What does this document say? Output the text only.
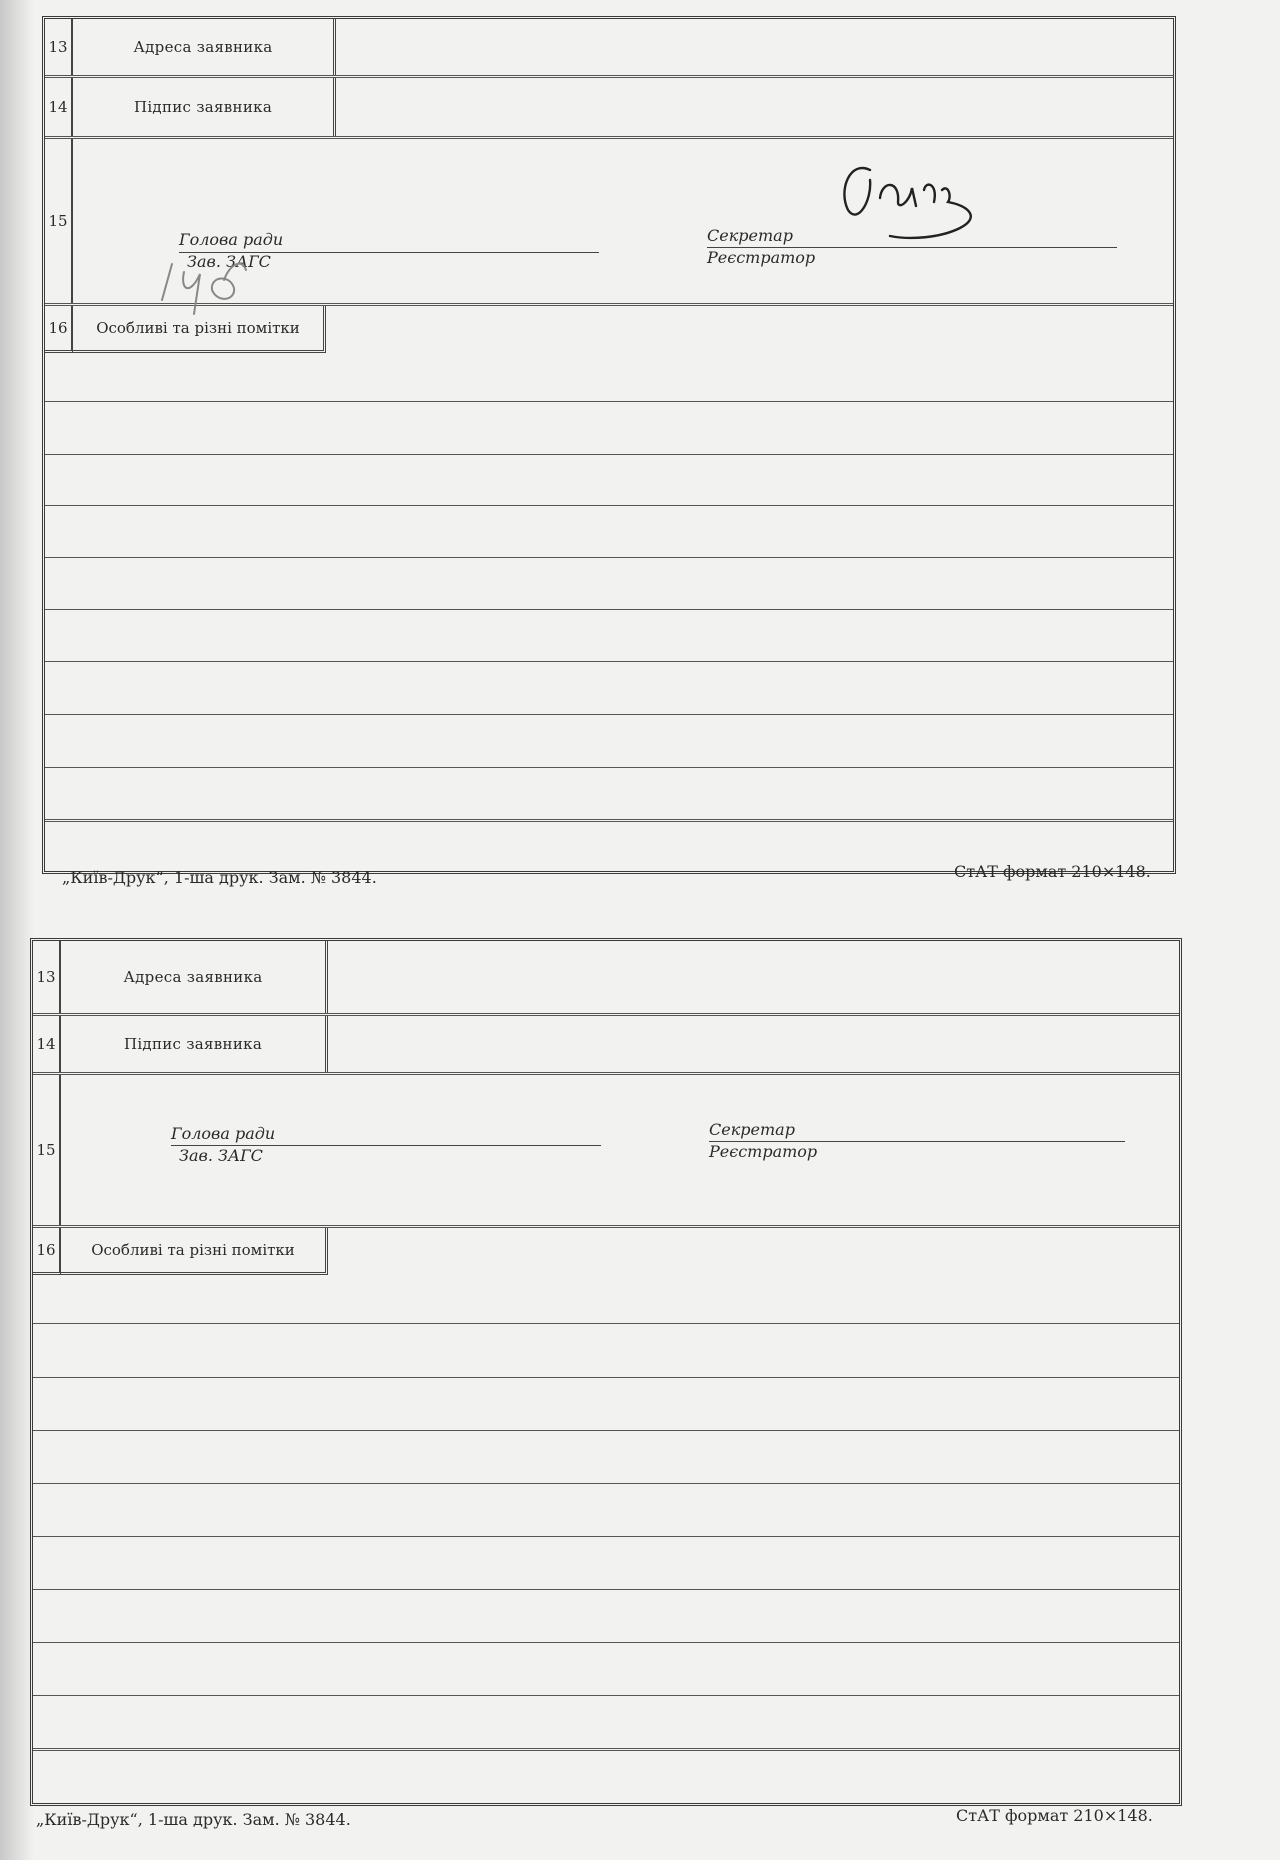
13	Адреса заявника
14	Підпис заявника
15
Голова ради
Зав. ЗАГС
Секретар
Реєстратор
16	Особливі та різні помітки
„Київ-Друк“, 1-ша друк. Зам. № 3844.	СтАТ формат 210×148.
13	Адреса заявника
14	Підпис заявника
15
Голова ради
Зав. ЗАГС
Секретар
Реєстратор
16	Особливі та різні помітки
„Київ-Друк“, 1-ша друк. Зам. № 3844.	СтАТ формат 210×148.
